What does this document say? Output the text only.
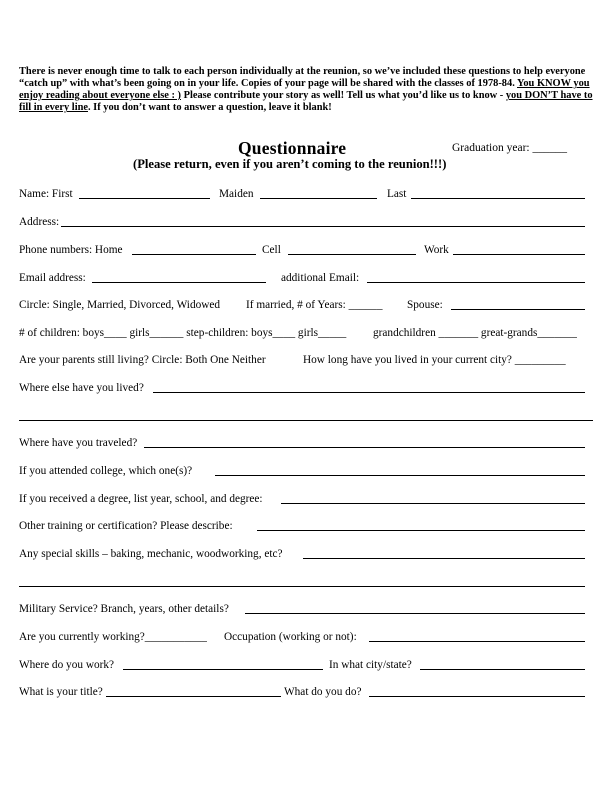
There is never enough time to talk to each person individually at the reunion, so we’ve included these questions to help everyone “catch up” with what’s been going on in your life. Copies of your page will be shared with the classes of 1978-84. You KNOW you enjoy reading about everyone else : ) Please contribute your story as well! Tell us what you’d like us to know - you DON’T have to fill in every line. If you don’t want to answer a question, leave it blank!
Questionnaire	Graduation year: ______
(Please return, even if you aren’t coming to the reunion!!!)
Name: First	Maiden	Last
Address:
Phone numbers: Home	Cell	Work
Email address:	additional Email:
Circle: Single, Married, Divorced, Widowed If married, # of Years: ______ Spouse:
# of children: boys____ girls______ step-children: boys____ girls_____ grandchildren _______ great-grands_______
Are your parents still living? Circle: Both One Neither	How long have you lived in your current city? _________
Where else have you lived?
Where have you traveled?
If you attended college, which one(s)?
If you received a degree, list year, school, and degree:
Other training or certification? Please describe:
Any special skills – baking, mechanic, woodworking, etc?
Military Service? Branch, years, other details?
Are you currently working?___________ Occupation (working or not):
Where do you work?	In what city/state?
What is your title?	What do you do?
